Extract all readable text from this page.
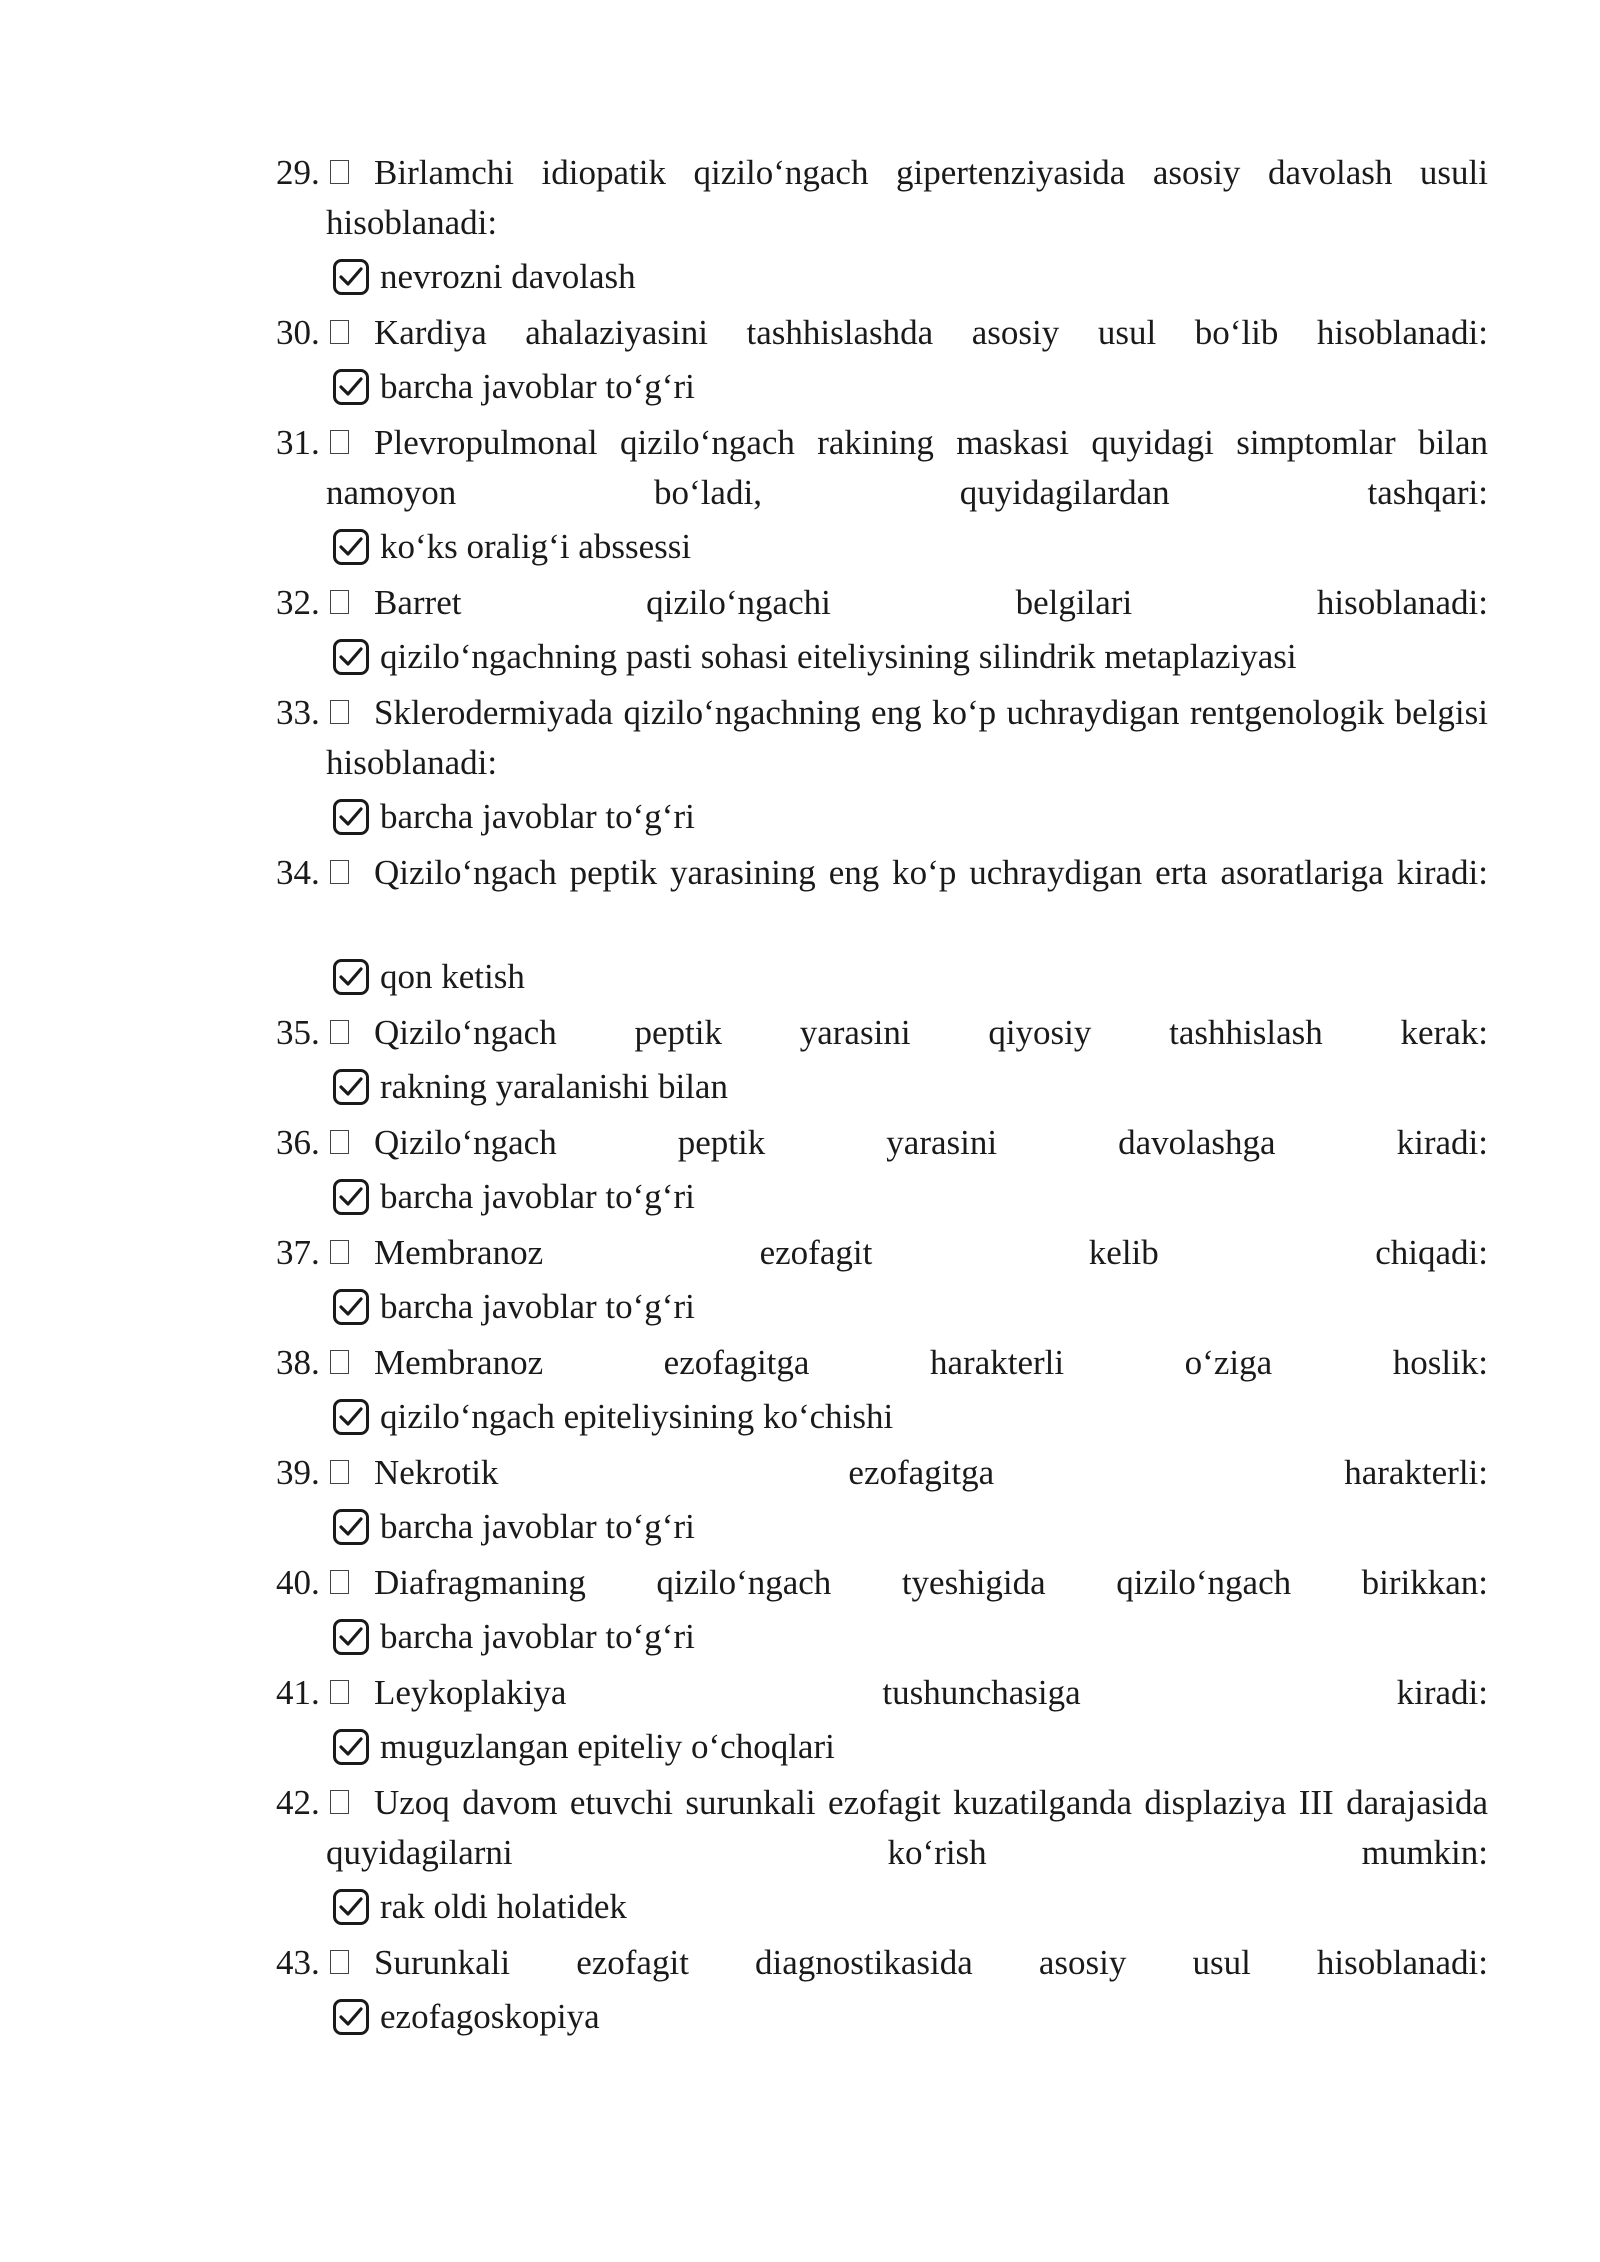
29.	Birlamchi idiopatik qizilo‘ngach gipertenziyasida asosiy davolash usuli hisoblanadi:
nevrozni davolash
30.	Kardiya ahalaziyasini tashhislashda asosiy usul bo‘lib hisoblanadi:
barcha javoblar to‘g‘ri
31.	Plevropulmonal qizilo‘ngach rakining maskasi quyidagi simptomlar bilan namoyon bo‘ladi, quyidagilardan tashqari:
ko‘ks oralig‘i abssessi
32.	Barret qizilo‘ngachi belgilari hisoblanadi:
qizilo‘ngachning pasti sohasi eiteliysining silindrik metaplaziyasi
33.	Sklerodermiyada qizilo‘ngachning eng ko‘p uchraydigan rentgenologik belgisi hisoblanadi:
barcha javoblar to‘g‘ri
34.	Qizilo‘ngach peptik yarasining eng ko‘p uchraydigan erta asoratlariga kiradi:
qon ketish
35.	Qizilo‘ngach peptik yarasini qiyosiy tashhislash kerak:
rakning yaralanishi bilan
36.	Qizilo‘ngach peptik yarasini davolashga kiradi:
barcha javoblar to‘g‘ri
37.	Membranoz ezofagit kelib chiqadi:
barcha javoblar to‘g‘ri
38.	Membranoz ezofagitga harakterli o‘ziga hoslik:
qizilo‘ngach epiteliysining ko‘chishi
39.	Nekrotik ezofagitga harakterli:
barcha javoblar to‘g‘ri
40.	Diafragmaning qizilo‘ngach tyeshigida qizilo‘ngach birikkan:
barcha javoblar to‘g‘ri
41.	Leykoplakiya tushunchasiga kiradi:
muguzlangan epiteliy o‘choqlari
42.	Uzoq davom etuvchi surunkali ezofagit kuzatilganda displaziya III darajasida quyidagilarni ko‘rish mumkin:
rak oldi holatidek
43.	Surunkali ezofagit diagnostikasida asosiy usul hisoblanadi:
ezofagoskopiya
